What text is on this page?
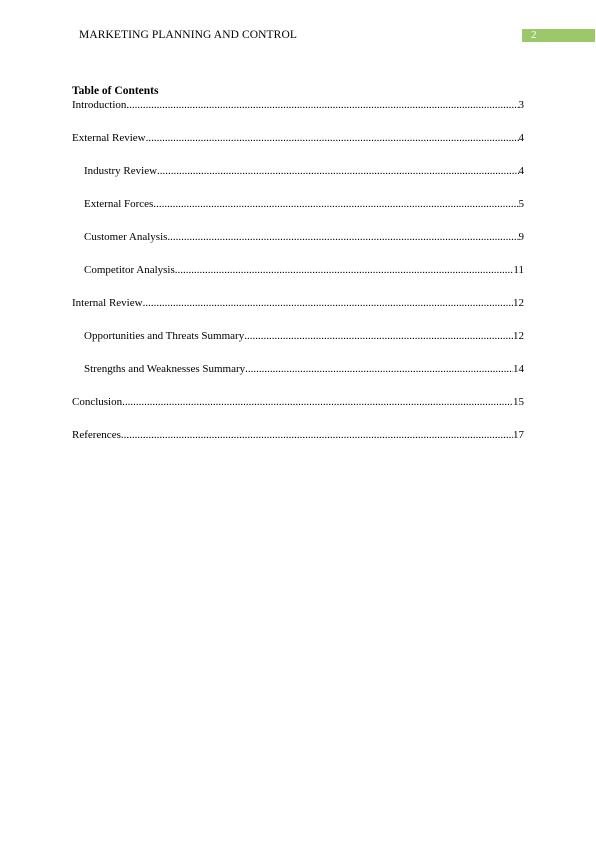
MARKETING PLANNING AND CONTROL	2

Table of Contents

Introduction .....	3
External Review .....	4
Industry Review .....	4
External Forces .....	5
Customer Analysis .....	9
Competitor Analysis .....	11
Internal Review .....	12
Opportunities and Threats Summary .....	12
Strengths and Weaknesses Summary .....	14
Conclusion .....	15
References .....	17
